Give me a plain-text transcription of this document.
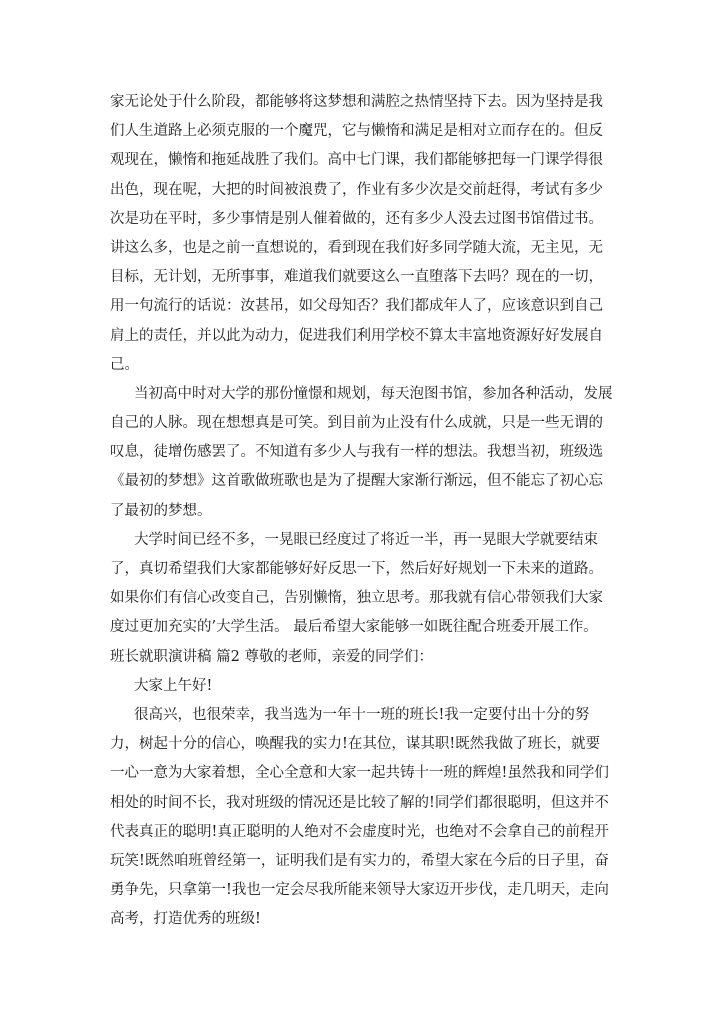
家无论处于什么阶段，都能够将这梦想和满腔之热情坚持下去。因为坚持是我
们人生道路上必须克服的一个魔咒，它与懒惰和满足是相对立而存在的。但反
观现在，懒惰和拖延战胜了我们。高中七门课，我们都能够把每一门课学得很
出色，现在呢，大把的时间被浪费了，作业有多少次是交前赶得，考试有多少
次是功在平时，多少事情是别人催着做的，还有多少人没去过图书馆借过书。
讲这么多，也是之前一直想说的，看到现在我们好多同学随大流，无主见，无
目标，无计划，无所事事，难道我们就要这么一直堕落下去吗？现在的一切，
用一句流行的话说：汝甚吊，如父母知否？我们都成年人了，应该意识到自己
肩上的责任，并以此为动力，促进我们利用学校不算太丰富地资源好好发展自
己。
当初高中时对大学的那份憧憬和规划，每天泡图书馆，参加各种活动，发展
自己的人脉。现在想想真是可笑。到目前为止没有什么成就，只是一些无谓的
叹息，徒增伤感罢了。不知道有多少人与我有一样的想法。我想当初，班级选
《最初的梦想》这首歌做班歌也是为了提醒大家渐行渐远，但不能忘了初心忘
了最初的梦想。
大学时间已经不多，一晃眼已经度过了将近一半，再一晃眼大学就要结束
了，真切希望我们大家都能够好好反思一下，然后好好规划一下未来的道路。
如果你们有信心改变自己，告别懒惰，独立思考。那我就有信心带领我们大家
度过更加充实的’大学生活。 最后希望大家能够一如既往配合班委开展工作。
班长就职演讲稿 篇2 尊敬的老师，亲爱的同学们：
大家上午好!
很高兴，也很荣幸，我当选为一年十一班的班长!我一定要付出十分的努
力，树起十分的信心，唤醒我的实力!在其位，谋其职!既然我做了班长，就要
一心一意为大家着想，全心全意和大家一起共铸十一班的辉煌!虽然我和同学们
相处的时间不长，我对班级的情况还是比较了解的!同学们都很聪明，但这并不
代表真正的聪明!真正聪明的人绝对不会虚度时光，也绝对不会拿自己的前程开
玩笑!既然咱班曾经第一，证明我们是有实力的，希望大家在今后的日子里，奋
勇争先，只拿第一!我也一定会尽我所能来领导大家迈开步伐，走几明天，走向
高考，打造优秀的班级!
